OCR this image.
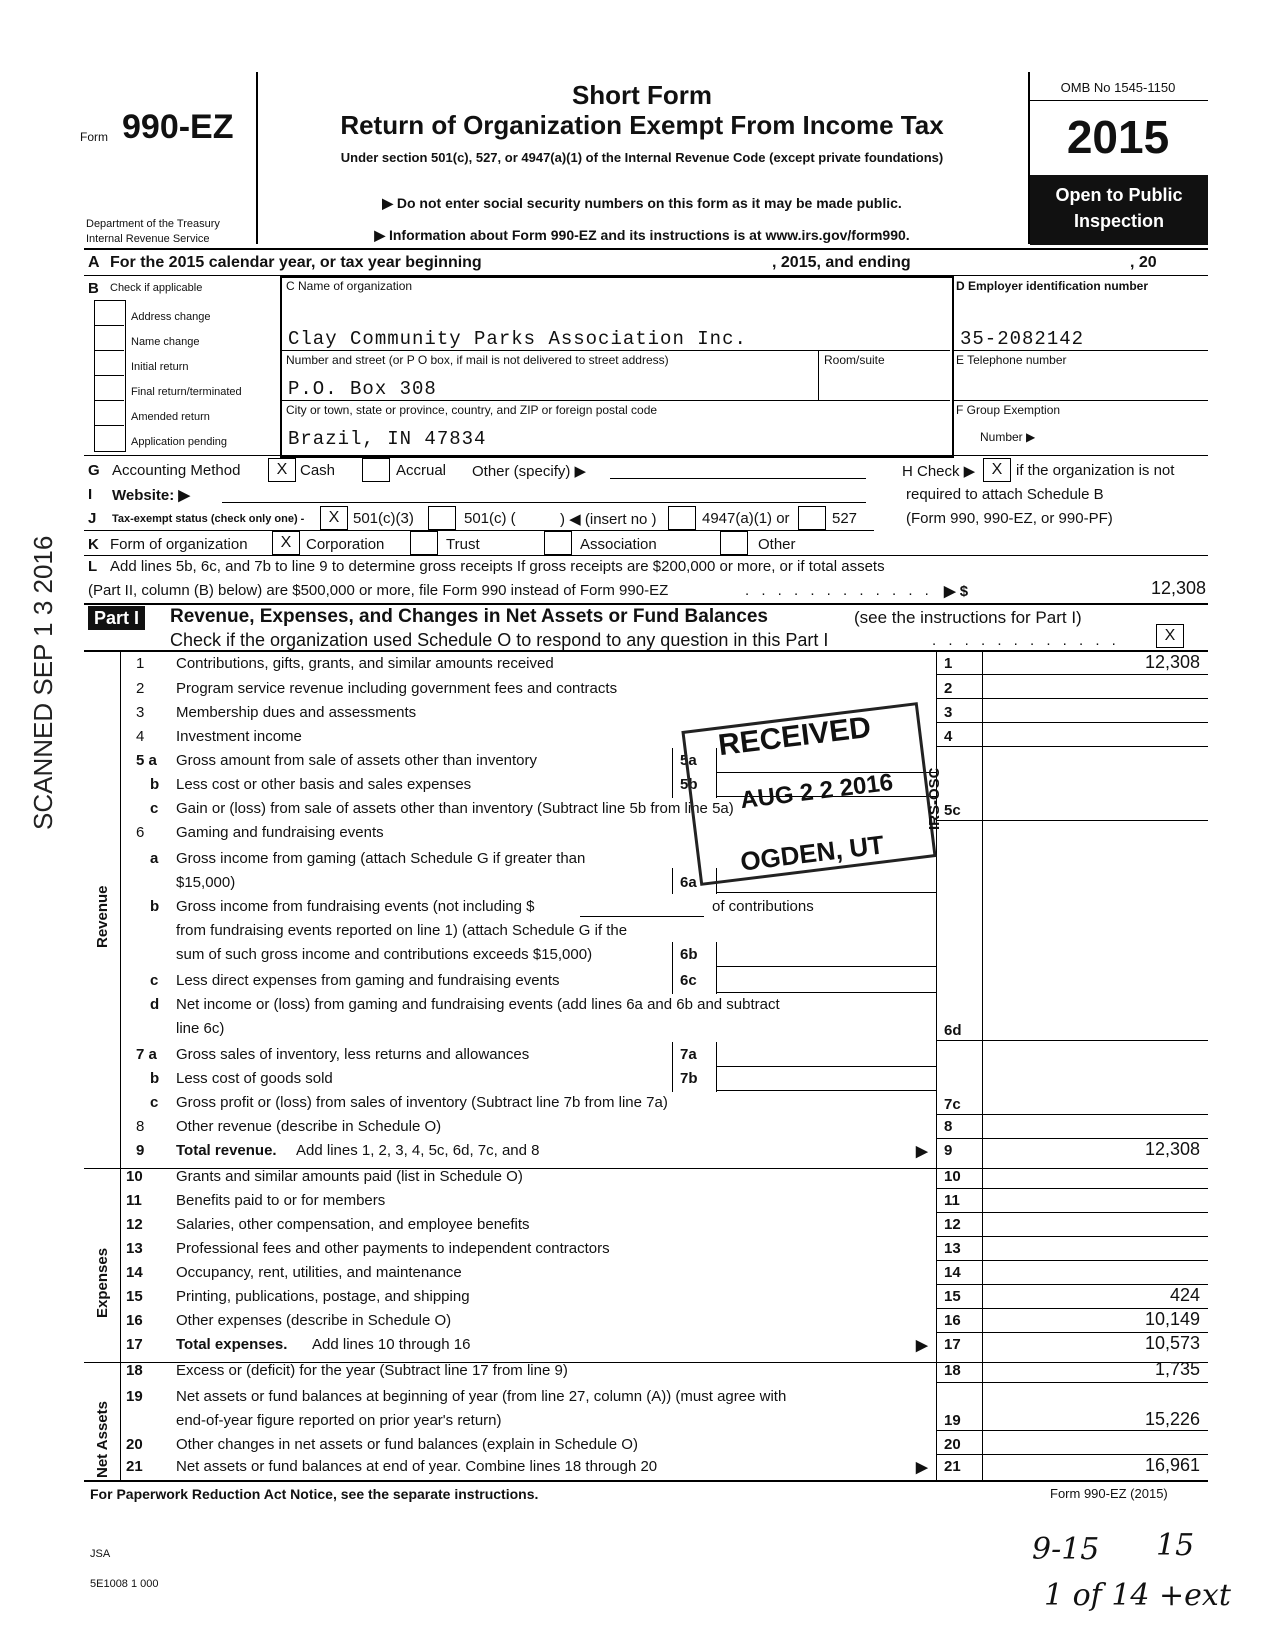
Form 990-EZ
Department of the Treasury
Internal Revenue Service
Short Form
Return of Organization Exempt From Income Tax
Under section 501(c), 527, or 4947(a)(1) of the Internal Revenue Code (except private foundations)
▶ Do not enter social security numbers on this form as it may be made public.
▶ Information about Form 990-EZ and its instructions is at www.irs.gov/form990.
OMB No 1545-1150
2015
Open to Public
Inspection
A For the 2015 calendar year, or tax year beginning	, 2015, and ending	, 20
B Check if applicable
Address change
Name change
Initial return
Final return/terminated
Amended return
Application pending
C Name of organization
Clay Community Parks Association Inc.
Number and street (or P O box, if mail is not delivered to street address)	Room/suite
P.O. Box 308
City or town, state or province, country, and ZIP or foreign postal code
Brazil, IN 47834
D Employer identification number
35-2082142
E Telephone number
F Group Exemption
Number ▶
G Accounting Method	X Cash	Accrual Other (specify) ▶	H Check ▶	X if the organization is not
required to attach Schedule B
(Form 990, 990-EZ, or 990-PF)
I Website: ▶
J Tax-exempt status (check only one) -	X 501(c)(3)	501(c) (	) ◀ (insert no )	4947(a)(1) or	527
K Form of organization	X Corporation	Trust	Association	Other
L Add lines 5b, 6c, and 7b to line 9 to determine gross receipts If gross receipts are $200,000 or more, or if total assets
(Part II, column (B) below) are $500,000 or more, file Form 990 instead of Form 990-EZ	. . . . . . . . . . . . ▶ $	12,308
Part I	Revenue, Expenses, and Changes in Net Assets or Fund Balances	(see the instructions for Part I)
Check if the organization used Schedule O to respond to any question in this Part I	. . . . . . . . . . . .	X
Revenue
Expenses
Net Assets
1 Contributions, gifts, grants, and similar amounts received	1	12,308
2 Program service revenue including government fees and contracts	2
3 Membership dues and assessments	3
4 Investment income	4
5 a Gross amount from sale of assets other than inventory	5a
b Less cost or other basis and sales expenses	5b
c Gain or (loss) from sale of assets other than inventory (Subtract line 5b from line 5a)	5c
6 Gaming and fundraising events
a Gross income from gaming (attach Schedule G if greater than
$15,000)	6a
b Gross income from fundraising events (not including $	of contributions
from fundraising events reported on line 1) (attach Schedule G if the
sum of such gross income and contributions exceeds $15,000)	6b
c Less direct expenses from gaming and fundraising events	6c
d Net income or (loss) from gaming and fundraising events (add lines 6a and 6b and subtract
line 6c)	6d
7 a Gross sales of inventory, less returns and allowances	7a
b Less cost of goods sold	7b
c Gross profit or (loss) from sales of inventory (Subtract line 7b from line 7a)	7c
8 Other revenue (describe in Schedule O)	8
9 Total revenue. Add lines 1, 2, 3, 4, 5c, 6d, 7c, and 8	▶ 9	12,308
10 Grants and similar amounts paid (list in Schedule O)	10
11 Benefits paid to or for members	11
12 Salaries, other compensation, and employee benefits	12
13 Professional fees and other payments to independent contractors	13
14 Occupancy, rent, utilities, and maintenance	14
15 Printing, publications, postage, and shipping	15	424
16 Other expenses (describe in Schedule O)	16	10,149
17 Total expenses. Add lines 10 through 16	▶ 17	10,573
18 Excess or (deficit) for the year (Subtract line 17 from line 9)	18	1,735
19 Net assets or fund balances at beginning of year (from line 27, column (A)) (must agree with
end-of-year figure reported on prior year's return)	19	15,226
20 Other changes in net assets or fund balances (explain in Schedule O)	20
21 Net assets or fund balances at end of year. Combine lines 18 through 20	▶ 21	16,961
For Paperwork Reduction Act Notice, see the separate instructions.	Form 990-EZ (2015)
JSA
5E1008 1 000
9-15 15
1 of 14 +ext
SCANNED SEP 1 3 2016	RECEIVED
AUG 2 2 2016
OGDEN, UT
IRS-OSC
